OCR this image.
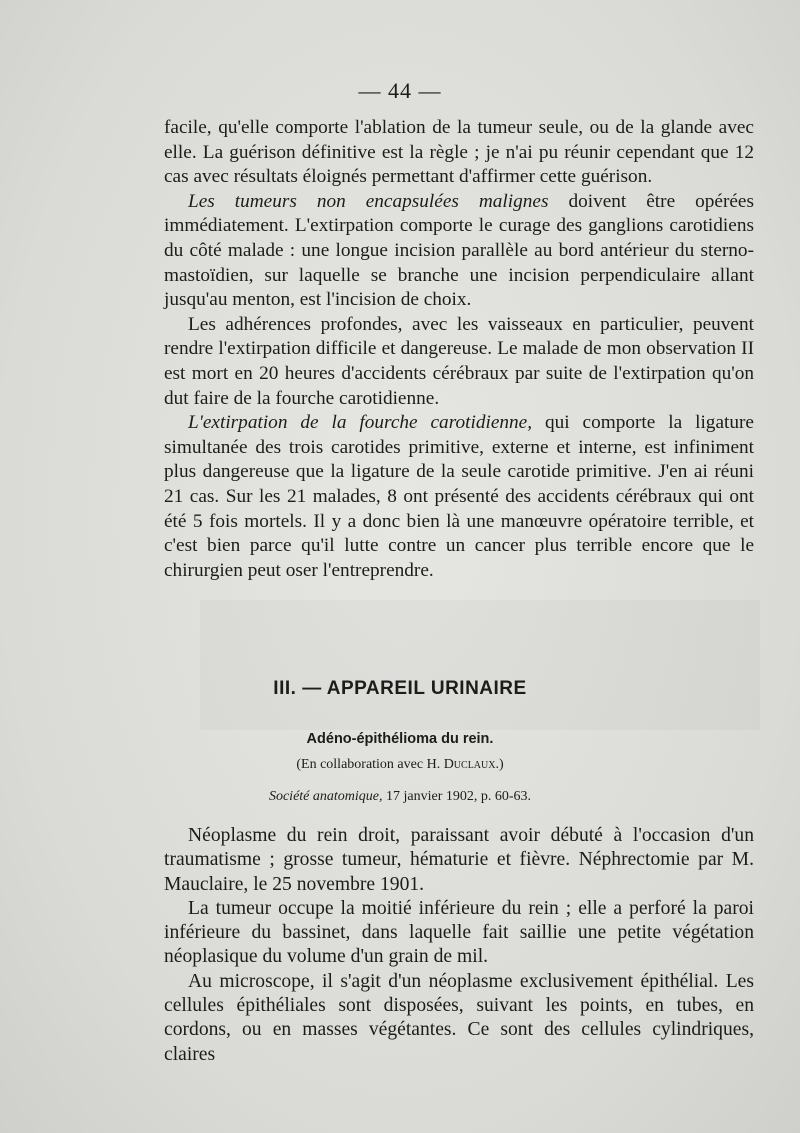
— 44 —

facile, qu'elle comporte l'ablation de la tumeur seule, ou de la glande avec elle. La guérison définitive est la règle ; je n'ai pu réunir cependant que 12 cas avec résultats éloignés permettant d'affirmer cette guérison.

Les tumeurs non encapsulées malignes doivent être opérées immédiatement. L'extirpation comporte le curage des ganglions carotidiens du côté malade : une longue incision parallèle au bord antérieur du sterno-mastoïdien, sur laquelle se branche une incision perpendiculaire allant jusqu'au menton, est l'incision de choix.

Les adhérences profondes, avec les vaisseaux en particulier, peuvent rendre l'extirpation difficile et dangereuse. Le malade de mon observation II est mort en 20 heures d'accidents cérébraux par suite de l'extirpation qu'on dut faire de la fourche carotidienne.

L'extirpation de la fourche carotidienne, qui comporte la ligature simultanée des trois carotides primitive, externe et interne, est infiniment plus dangereuse que la ligature de la seule carotide primitive. J'en ai réuni 21 cas. Sur les 21 malades, 8 ont présenté des accidents cérébraux qui ont été 5 fois mortels. Il y a donc bien là une manœuvre opératoire terrible, et c'est bien parce qu'il lutte contre un cancer plus terrible encore que le chirurgien peut oser l'entreprendre.

III. — APPAREIL URINAIRE
Adéno-épithélioma du rein.
(En collaboration avec H. Duclaux.)
Société anatomique, 17 janvier 1902, p. 60-63.

Néoplasme du rein droit, paraissant avoir débuté à l'occasion d'un traumatisme ; grosse tumeur, hématurie et fièvre. Néphrectomie par M. Mauclaire, le 25 novembre 1901.

La tumeur occupe la moitié inférieure du rein ; elle a perforé la paroi inférieure du bassinet, dans laquelle fait saillie une petite végétation néoplasique du volume d'un grain de mil.

Au microscope, il s'agit d'un néoplasme exclusivement épithélial. Les cellules épithéliales sont disposées, suivant les points, en tubes, en cordons, ou en masses végétantes. Ce sont des cellules cylindriques, claires
